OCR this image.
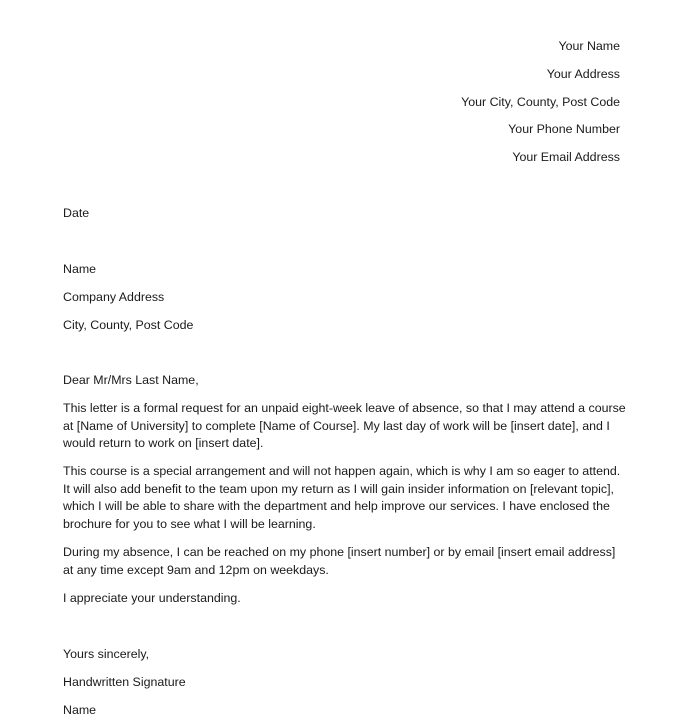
Your Name
Your Address
Your City, County, Post Code
Your Phone Number
Your Email Address
Date
Name
Company Address
City, County, Post Code
Dear Mr/Mrs Last Name,
This letter is a formal request for an unpaid eight-week leave of absence, so that I may attend a course at [Name of University] to complete [Name of Course]. My last day of work will be [insert date], and I would return to work on [insert date].
This course is a special arrangement and will not happen again, which is why I am so eager to attend. It will also add benefit to the team upon my return as I will gain insider information on [relevant topic], which I will be able to share with the department and help improve our services. I have enclosed the brochure for you to see what I will be learning.
During my absence, I can be reached on my phone [insert number] or by email [insert email address] at any time except 9am and 12pm on weekdays.
I appreciate your understanding.
Yours sincerely,
Handwritten Signature
Name
